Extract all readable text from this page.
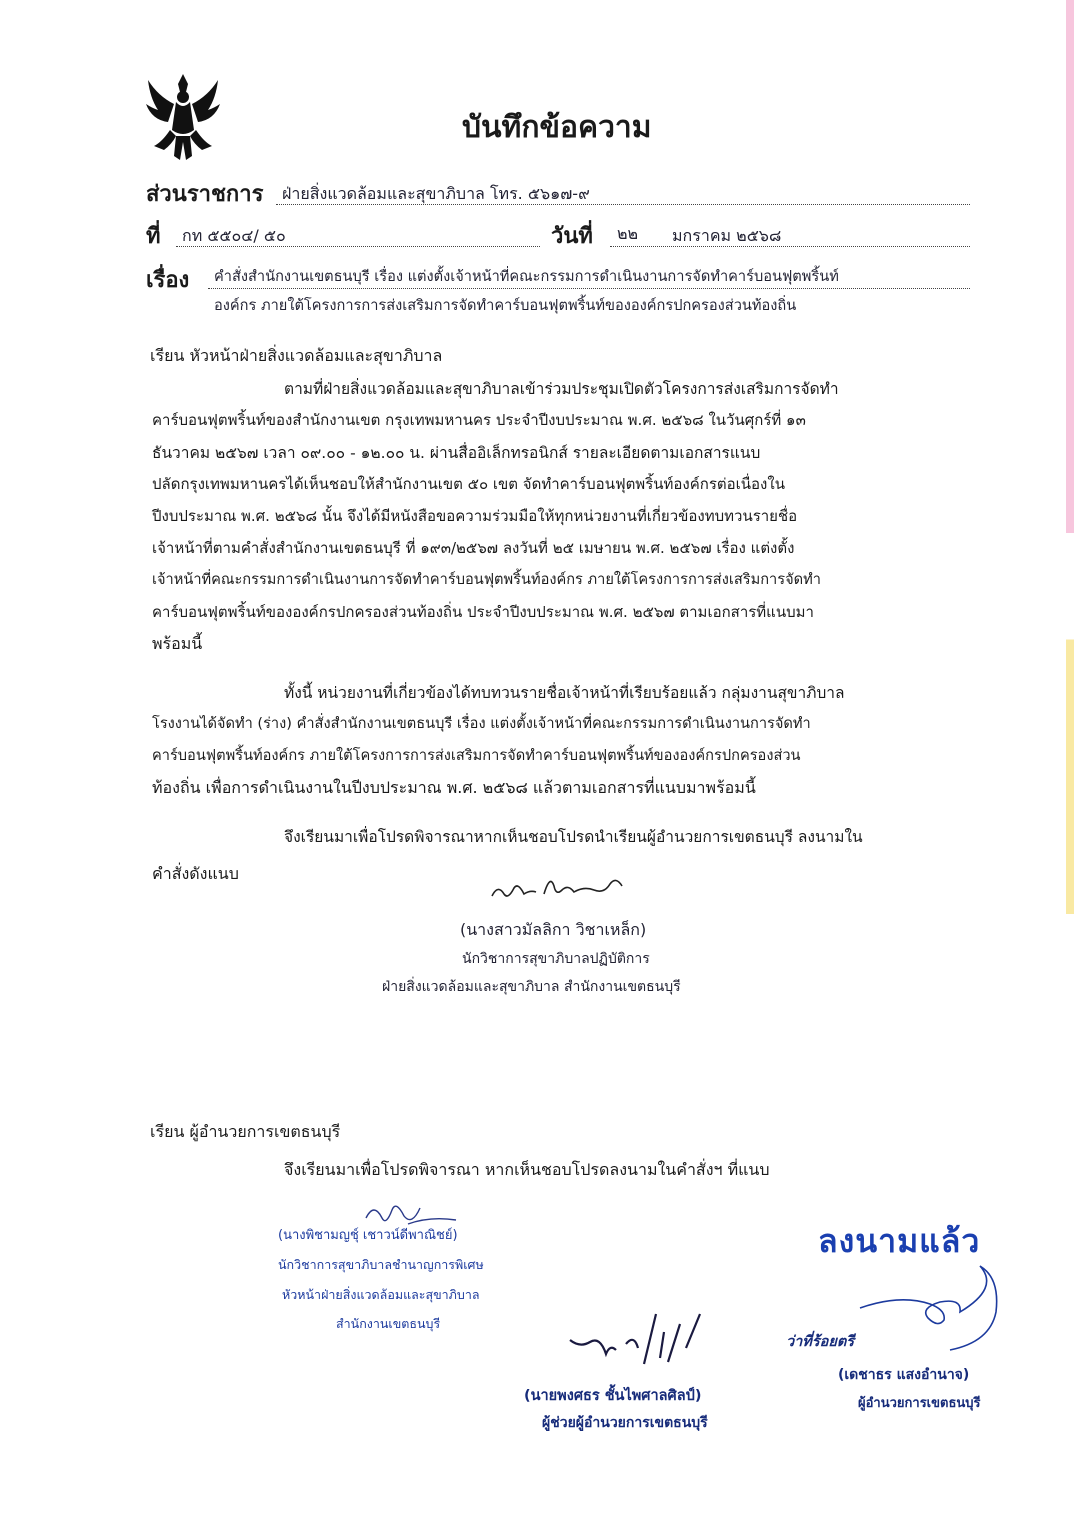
บันทึกข้อความ
ส่วนราชการ ฝ่ายสิ่งแวดล้อมและสุขาภิบาล โทร. ๕๖๑๗-๙
ที่ กท ๕๕๐๔/ ๕๐	วันที่ ๒๒ มกราคม ๒๕๖๘
เรื่อง คำสั่งสำนักงานเขตธนบุรี เรื่อง แต่งตั้งเจ้าหน้าที่คณะกรรมการดำเนินงานการจัดทำคาร์บอนฟุตพริ้นท์
องค์กร ภายใต้โครงการการส่งเสริมการจัดทำคาร์บอนฟุตพริ้นท์ขององค์กรปกครองส่วนท้องถิ่น
เรียน หัวหน้าฝ่ายสิ่งแวดล้อมและสุขาภิบาล
ตามที่ฝ่ายสิ่งแวดล้อมและสุขาภิบาลเข้าร่วมประชุมเปิดตัวโครงการส่งเสริมการจัดทำ
คาร์บอนฟุตพริ้นท์ของสำนักงานเขต กรุงเทพมหานคร ประจำปีงบประมาณ พ.ศ. ๒๕๖๘ ในวันศุกร์ที่ ๑๓
ธันวาคม ๒๕๖๗ เวลา ๐๙.๐๐ - ๑๒.๐๐ น. ผ่านสื่ออิเล็กทรอนิกส์ รายละเอียดตามเอกสารแนบ
ปลัดกรุงเทพมหานครได้เห็นชอบให้สำนักงานเขต ๕๐ เขต จัดทำคาร์บอนฟุตพริ้นท์องค์กรต่อเนื่องใน
ปีงบประมาณ พ.ศ. ๒๕๖๘ นั้น จึงได้มีหนังสือขอความร่วมมือให้ทุกหน่วยงานที่เกี่ยวข้องทบทวนรายชื่อ
เจ้าหน้าที่ตามคำสั่งสำนักงานเขตธนบุรี ที่ ๑๙๓/๒๕๖๗ ลงวันที่ ๒๕ เมษายน พ.ศ. ๒๕๖๗ เรื่อง แต่งตั้ง
เจ้าหน้าที่คณะกรรมการดำเนินงานการจัดทำคาร์บอนฟุตพริ้นท์องค์กร ภายใต้โครงการการส่งเสริมการจัดทำ
คาร์บอนฟุตพริ้นท์ขององค์กรปกครองส่วนท้องถิ่น ประจำปีงบประมาณ พ.ศ. ๒๕๖๗ ตามเอกสารที่แนบมา
พร้อมนี้
ทั้งนี้ หน่วยงานที่เกี่ยวข้องได้ทบทวนรายชื่อเจ้าหน้าที่เรียบร้อยแล้ว กลุ่มงานสุขาภิบาล
โรงงานได้จัดทำ (ร่าง) คำสั่งสำนักงานเขตธนบุรี เรื่อง แต่งตั้งเจ้าหน้าที่คณะกรรมการดำเนินงานการจัดทำ
คาร์บอนฟุตพริ้นท์องค์กร ภายใต้โครงการการส่งเสริมการจัดทำคาร์บอนฟุตพริ้นท์ขององค์กรปกครองส่วน
ท้องถิ่น เพื่อการดำเนินงานในปีงบประมาณ พ.ศ. ๒๕๖๘ แล้วตามเอกสารที่แนบมาพร้อมนี้
จึงเรียนมาเพื่อโปรดพิจารณาหากเห็นชอบโปรดนำเรียนผู้อำนวยการเขตธนบุรี ลงนามใน
คำสั่งดังแนบ
(นางสาวมัลลิกา วิชาเหล็ก)
นักวิชาการสุขาภิบาลปฏิบัติการ
ฝ่ายสิ่งแวดล้อมและสุขาภิบาล สำนักงานเขตธนบุรี
เรียน ผู้อำนวยการเขตธนบุรี
จึงเรียนมาเพื่อโปรดพิจารณา หากเห็นชอบโปรดลงนามในคำสั่งฯ ที่แนบ
(นางพิชามญชุ์ เชาวน์ดีพาณิชย์)
นักวิชาการสุขาภิบาลชำนาญการพิเศษ
หัวหน้าฝ่ายสิ่งแวดล้อมและสุขาภิบาล
สำนักงานเขตธนบุรี
(นายพงศธร ชั้นไพศาลศิลป์)
ผู้ช่วยผู้อำนวยการเขตธนบุรี
ลงนามแล้ว
ว่าที่ร้อยตรี
(เดชาธร แสงอำนาจ)
ผู้อำนวยการเขตธนบุรี
